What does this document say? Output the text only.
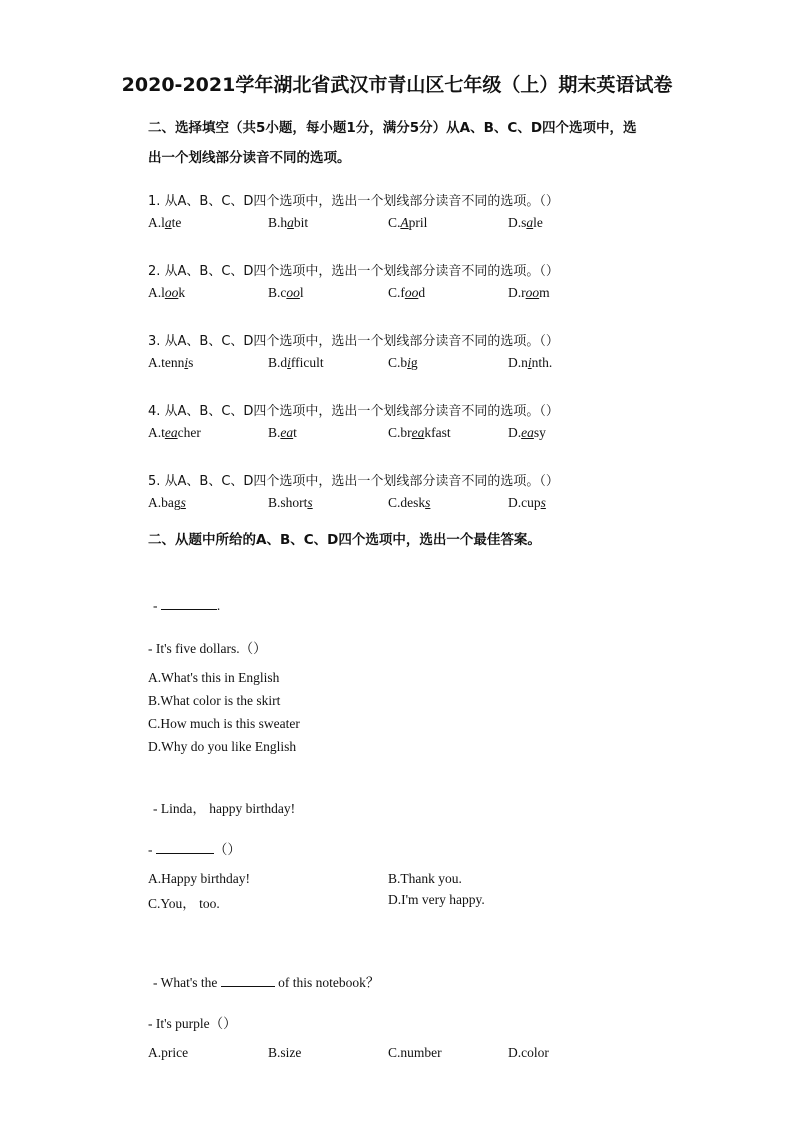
2020-2021学年湖北省武汉市青山区七年级（上）期末英语试卷
二、选择填空（共5小题，每小题1分，满分5分）从A、B、C、D四个选项中，选
出一个划线部分读音不同的选项。
1. 从A、B、C、D四个选项中，选出一个划线部分读音不同的选项。（）
A.late	B.habit	C.April	D.sale
2. 从A、B、C、D四个选项中，选出一个划线部分读音不同的选项。（）
A.look	B.cool	C.food	D.room
3. 从A、B、C、D四个选项中，选出一个划线部分读音不同的选项。（）
A.tennis	B.difficult	C.big	D.ninth.
4. 从A、B、C、D四个选项中，选出一个划线部分读音不同的选项。（）
A.teacher	B.eat	C.breakfast	D.easy
5. 从A、B、C、D四个选项中，选出一个划线部分读音不同的选项。（）
A.bags	B.shorts	C.desks	D.cups
二、从题中所给的A、B、C、D四个选项中，选出一个最佳答案。
-	.
- It's five dollars.（）
A.What's this in English
B.What color is the skirt
C.How much is this sweater
D.Why do you like English
- Linda， happy birthday!
-	（）
A.Happy birthday!	B.Thank you.
C.You， too.	D.I'm very happy.
- What's the	of this notebook？
- It's purple（）
A.price	B.size	C.number	D.color
